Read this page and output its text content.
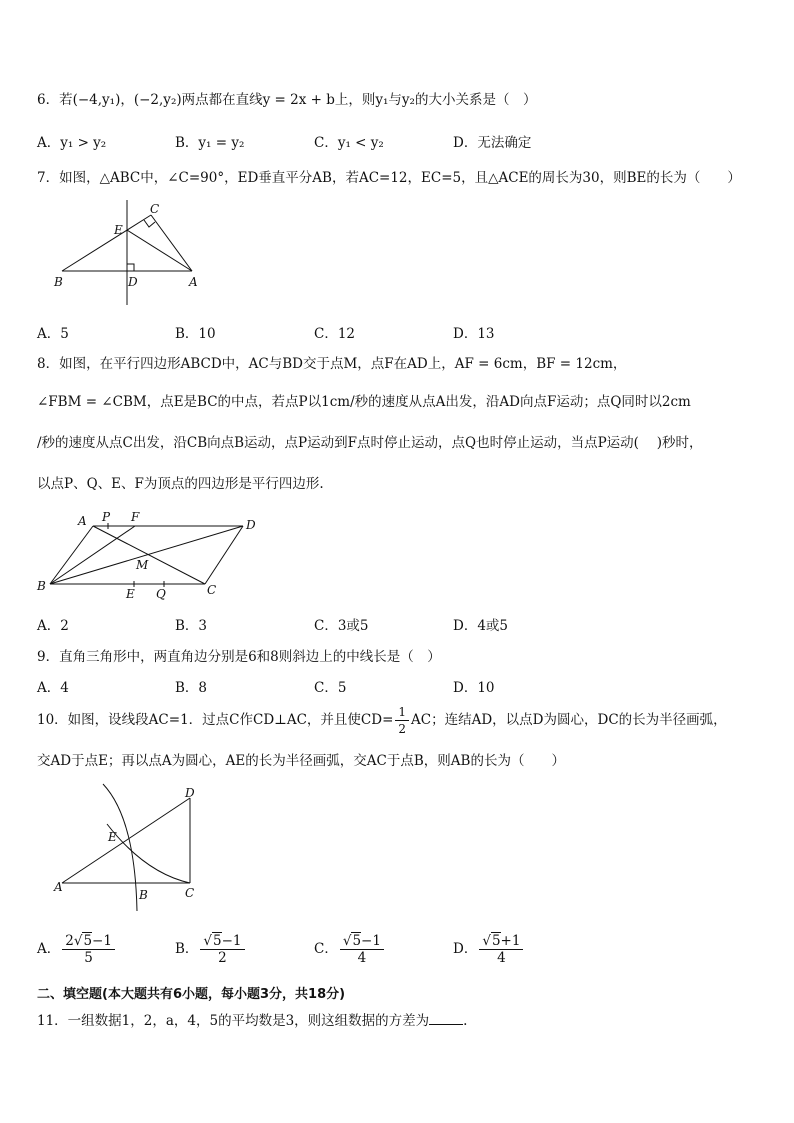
6．若(−4,y₁)，(−2,y₂)两点都在直线y = 2x + b上，则y₁与y₂的大小关系是（　）
A．y₁ > y₂	B．y₁ = y₂	C．y₁ < y₂	D．无法确定
7．如图，△ABC中，∠C=90°，ED垂直平分AB，若AC=12，EC=5，且△ACE的周长为30，则BE的长为（　　）
E
C
B	D	A
A．5	B．10	C．12	D．13
8．如图，在平行四边形ABCD中，AC与BD交于点M，点F在AD上，AF = 6cm，BF = 12cm，
∠FBM = ∠CBM，点E是BC的中点，若点P以1cm/秒的速度从点A出发，沿AD向点F运动；点Q同时以2cm
/秒的速度从点C出发，沿CB向点B运动，点P运动到F点时停止运动，点Q也时停止运动，当点P运动(　 )秒时，
以点P、Q、E、F为顶点的四边形是平行四边形.
A P F
D
M
B
E Q	C
A．2	B．3	C．3或5	D．4或5
9．直角三角形中，两直角边分别是6和8则斜边上的中线长是（　）
A．4	B．8	C．5	D．10
10．如图，设线段AC=1．过点C作CD⊥AC，并且使$CD= \frac{1}{2}$ AC；连结AD，以点D为圆心，DC的长为半径画弧，
交AD于点E；再以点A为圆心，AE的长为半径画弧，交AC于点B，则AB的长为（　　）
D
E
A
B	C
A． $\frac{2√5-1}{5}$	B． $\frac{√5-1}{2}$	C． $\frac{√5-1}{4}$	D． $\frac{√5+1}{4}$
二、填空题(本大题共有6小题，每小题3分，共18分)
11．一组数据1，2，a，4，5的平均数是3，则这组数据的方差为	.
